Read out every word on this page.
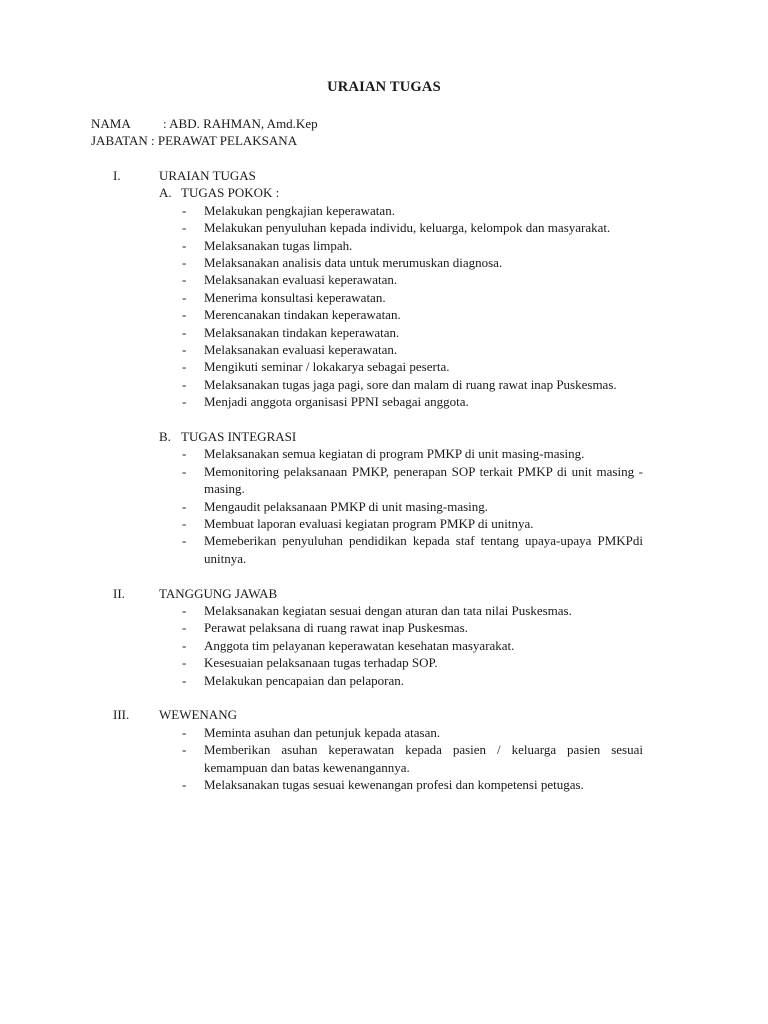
URAIAN TUGAS
NAMA : ABD. RAHMAN, Amd.Kep
JABATAN : PERAWAT PELAKSANA
I.	URAIAN TUGAS
A. TUGAS POKOK :
- Melakukan pengkajian keperawatan.
- Melakukan penyuluhan kepada individu, keluarga, kelompok dan masyarakat.
- Melaksanakan tugas limpah.
- Melaksanakan analisis data untuk merumuskan diagnosa.
- Melaksanakan evaluasi keperawatan.
- Menerima konsultasi keperawatan.
- Merencanakan tindakan keperawatan.
- Melaksanakan tindakan keperawatan.
- Melaksanakan evaluasi keperawatan.
- Mengikuti seminar / lokakarya sebagai peserta.
- Melaksanakan tugas jaga pagi, sore dan malam di ruang rawat inap Puskesmas.
- Menjadi anggota organisasi PPNI sebagai anggota.
B. TUGAS INTEGRASI
- Melaksanakan semua kegiatan di program PMKP di unit masing-masing.
- Memonitoring pelaksanaan PMKP, penerapan SOP terkait PMKP di unit masing - masing.
- Mengaudit pelaksanaan PMKP di unit masing-masing.
- Membuat laporan evaluasi kegiatan program PMKP di unitnya.
- Memeberikan penyuluhan pendidikan kepada staf tentang upaya-upaya PMKPdi unitnya.
II.	TANGGUNG JAWAB
- Melaksanakan kegiatan sesuai dengan aturan dan tata nilai Puskesmas.
- Perawat pelaksana di ruang rawat inap Puskesmas.
- Anggota tim pelayanan keperawatan kesehatan masyarakat.
- Kesesuaian pelaksanaan tugas terhadap SOP.
- Melakukan pencapaian dan pelaporan.
III. WEWENANG
- Meminta asuhan dan petunjuk kepada atasan.
- Memberikan asuhan keperawatan kepada pasien / keluarga pasien sesuai kemampuan dan batas kewenangannya.
- Melaksanakan tugas sesuai kewenangan profesi dan kompetensi petugas.
